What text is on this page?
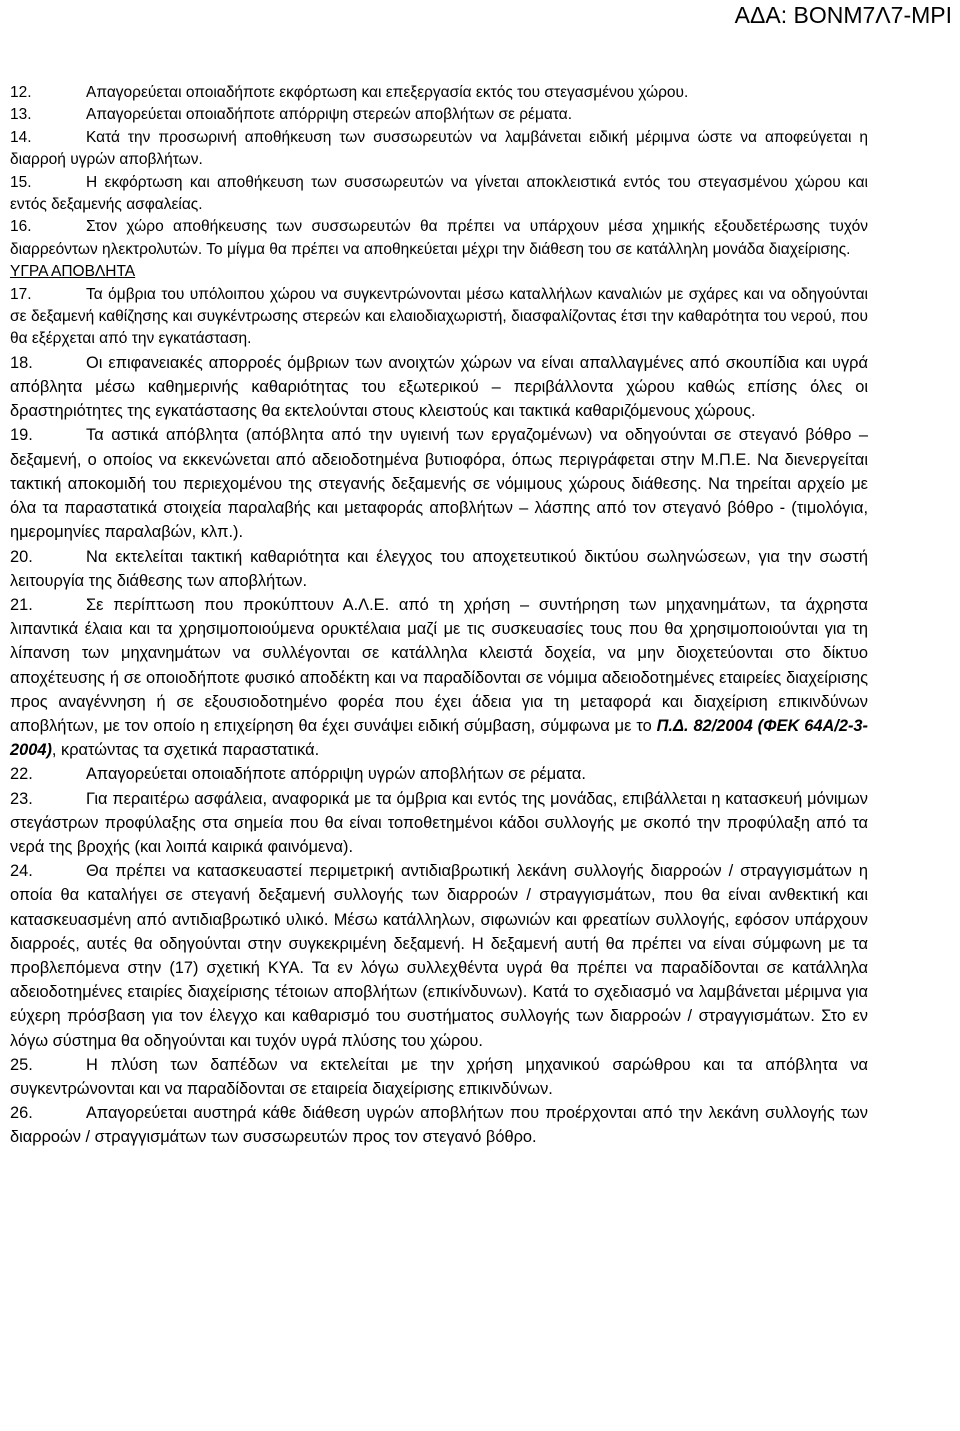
ΑΔΑ: ΒΟΝΜ7Λ7-ΜΡΙ
12.	Απαγορεύεται οποιαδήποτε εκφόρτωση και επεξεργασία εκτός του στεγασμένου χώρου.
13.	Απαγορεύεται οποιαδήποτε απόρριψη στερεών αποβλήτων σε ρέματα.
14.	Κατά την προσωρινή αποθήκευση των συσσωρευτών να λαμβάνεται ειδική μέριμνα ώστε να αποφεύγεται η διαρροή υγρών αποβλήτων.
15.	Η εκφόρτωση και αποθήκευση των συσσωρευτών να γίνεται αποκλειστικά εντός του στεγασμένου χώρου και εντός δεξαμενής ασφαλείας.
16.	Στον χώρο αποθήκευσης των συσσωρευτών θα πρέπει να υπάρχουν μέσα χημικής εξουδετέρωσης τυχόν διαρρεόντων ηλεκτρολυτών. Το μίγμα θα πρέπει να αποθηκεύεται μέχρι την διάθεση του σε κατάλληλη μονάδα διαχείρισης.
ΥΓΡΑ ΑΠΟΒΛΗΤΑ
17.	Τα όμβρια του υπόλοιπου χώρου να συγκεντρώνονται μέσω καταλλήλων καναλιών με σχάρες και να οδηγούνται σε δεξαμενή καθίζησης και συγκέντρωσης στερεών και ελαιοδιαχωριστή, διασφαλίζοντας έτσι την καθαρότητα του νερού, που θα εξέρχεται από την εγκατάσταση.
18.	Οι επιφανειακές απορροές όμβριων των ανοιχτών χώρων να είναι απαλλαγμένες από σκουπίδια και υγρά απόβλητα μέσω καθημερινής καθαριότητας του εξωτερικού – περιβάλλοντα χώρου καθώς επίσης όλες οι δραστηριότητες της εγκατάστασης θα εκτελούνται στους κλειστούς και τακτικά καθαριζόμενους χώρους.
19.	Τα αστικά απόβλητα (απόβλητα από την υγιεινή των εργαζομένων) να οδηγούνται σε στεγανό βόθρο – δεξαμενή, ο οποίος να εκκενώνεται από αδειοδοτημένα βυτιοφόρα, όπως περιγράφεται στην Μ.Π.Ε. Να διενεργείται τακτική αποκομιδή του περιεχομένου της στεγανής δεξαμενής σε νόμιμους χώρους διάθεσης. Να τηρείται αρχείο με όλα τα παραστατικά στοιχεία παραλαβής και μεταφοράς αποβλήτων – λάσπης από τον στεγανό βόθρο - (τιμολόγια, ημερομηνίες παραλαβών, κλπ.).
20.	Να εκτελείται τακτική καθαριότητα και έλεγχος του αποχετευτικού δικτύου σωληνώσεων, για την σωστή λειτουργία της διάθεσης των αποβλήτων.
21.	Σε περίπτωση που προκύπτουν Α.Λ.Ε. από τη χρήση – συντήρηση των μηχανημάτων, τα άχρηστα λιπαντικά έλαια και τα χρησιμοποιούμενα ορυκτέλαια μαζί με τις συσκευασίες τους που θα χρησιμοποιούνται για τη λίπανση των μηχανημάτων να συλλέγονται σε κατάλληλα κλειστά δοχεία, να μην διοχετεύονται στο δίκτυο αποχέτευσης ή σε οποιοδήποτε φυσικό αποδέκτη και να παραδίδονται σε νόμιμα αδειοδοτημένες εταιρείες διαχείρισης προς αναγέννηση ή σε εξουσιοδοτημένο φορέα που έχει άδεια για τη μεταφορά και διαχείριση επικινδύνων αποβλήτων, με τον οποίο η επιχείρηση θα έχει συνάψει ειδική σύμβαση, σύμφωνα με το Π.Δ. 82/2004 (ΦΕΚ 64Α/2-3-2004), κρατώντας τα σχετικά παραστατικά.
22.	Απαγορεύεται οποιαδήποτε απόρριψη υγρών αποβλήτων σε ρέματα.
23.	Για περαιτέρω ασφάλεια, αναφορικά με τα όμβρια και εντός της μονάδας, επιβάλλεται η κατασκευή μόνιμων στεγάστρων προφύλαξης στα σημεία που θα είναι τοποθετημένοι κάδοι συλλογής με σκοπό την προφύλαξη από τα νερά της βροχής (και λοιπά καιρικά φαινόμενα).
24.	Θα πρέπει να κατασκευαστεί περιμετρική αντιδιαβρωτική λεκάνη συλλογής διαρροών / στραγγισμάτων η οποία θα καταλήγει σε στεγανή δεξαμενή συλλογής των διαρροών / στραγγισμάτων, που θα είναι ανθεκτική και κατασκευασμένη από αντιδιαβρωτικό υλικό. Μέσω κατάλληλων, σιφωνιών και φρεατίων συλλογής, εφόσον υπάρχουν διαρροές, αυτές θα οδηγούνται στην συγκεκριμένη δεξαμενή. Η δεξαμενή αυτή θα πρέπει να είναι σύμφωνη με τα προβλεπόμενα στην (17) σχετική ΚΥΑ. Τα εν λόγω συλλεχθέντα υγρά θα πρέπει να παραδίδονται σε κατάλληλα αδειοδοτημένες εταιρίες διαχείρισης τέτοιων αποβλήτων (επικίνδυνων). Κατά το σχεδιασμό να λαμβάνεται μέριμνα για εύχερη πρόσβαση για τον έλεγχο και καθαρισμό του συστήματος συλλογής των διαρροών / στραγγισμάτων. Στο εν λόγω σύστημα θα οδηγούνται και τυχόν υγρά πλύσης του χώρου.
25.	Η πλύση των δαπέδων να εκτελείται με την χρήση μηχανικού σαρώθρου και τα απόβλητα να συγκεντρώνονται και να παραδίδονται σε εταιρεία διαχείρισης επικινδύνων.
26.	Απαγορεύεται αυστηρά κάθε διάθεση υγρών αποβλήτων που προέρχονται από την λεκάνη συλλογής των διαρροών / στραγγισμάτων των συσσωρευτών προς τον στεγανό βόθρο.
